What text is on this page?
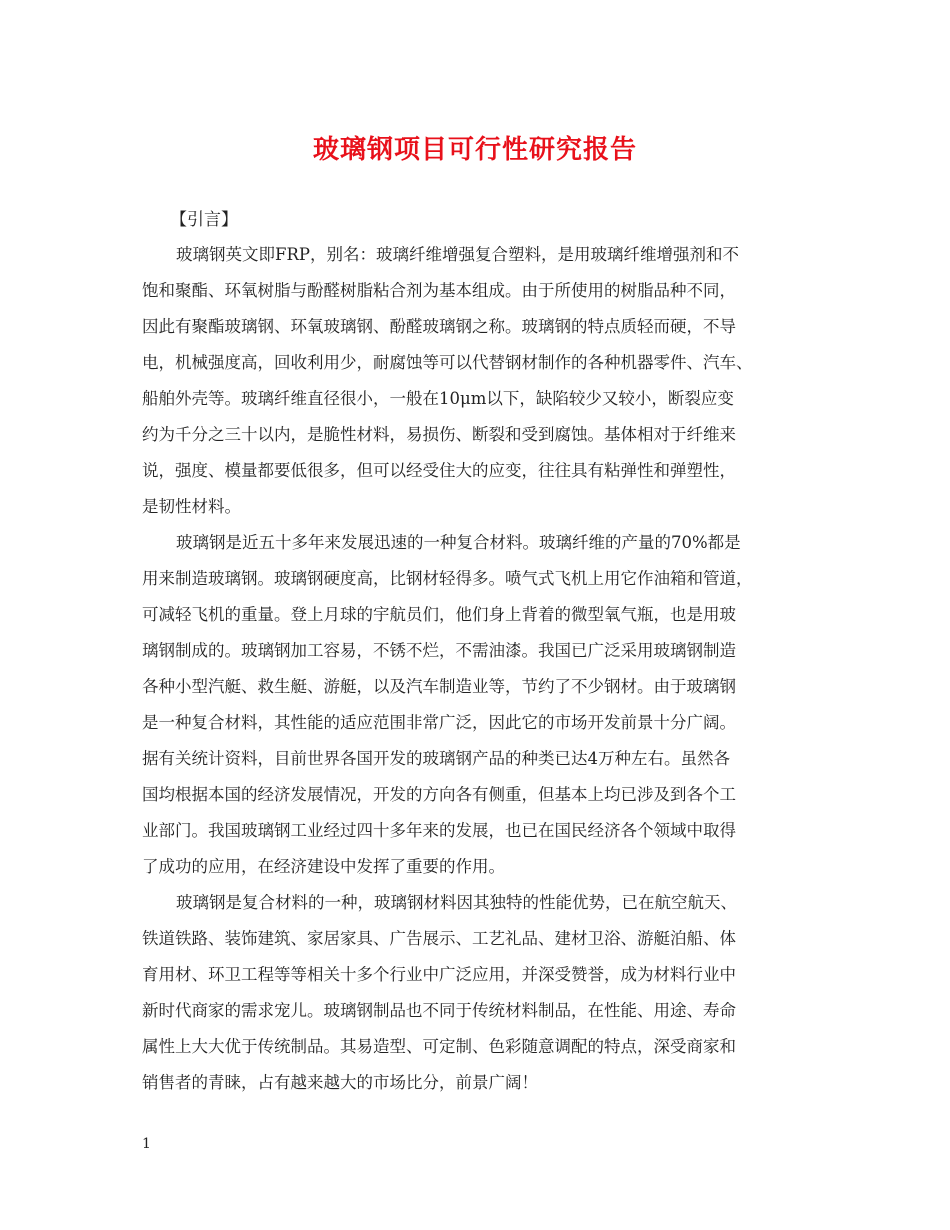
玻璃钢项目可行性研究报告
【引言】
玻璃钢英文即FRP，别名：玻璃纤维增强复合塑料，是用玻璃纤维增强剂和不
饱和聚酯、环氧树脂与酚醛树脂粘合剂为基本组成。由于所使用的树脂品种不同，
因此有聚酯玻璃钢、环氧玻璃钢、酚醛玻璃钢之称。玻璃钢的特点质轻而硬，不导
电，机械强度高，回收利用少，耐腐蚀等可以代替钢材制作的各种机器零件、汽车、
船舶外壳等。玻璃纤维直径很小，一般在10μm以下，缺陷较少又较小，断裂应变
约为千分之三十以内，是脆性材料，易损伤、断裂和受到腐蚀。基体相对于纤维来
说，强度、模量都要低很多，但可以经受住大的应变，往往具有粘弹性和弹塑性，
是韧性材料。
玻璃钢是近五十多年来发展迅速的一种复合材料。玻璃纤维的产量的70%都是
用来制造玻璃钢。玻璃钢硬度高，比钢材轻得多。喷气式飞机上用它作油箱和管道，
可减轻飞机的重量。登上月球的宇航员们，他们身上背着的微型氧气瓶，也是用玻
璃钢制成的。玻璃钢加工容易，不锈不烂，不需油漆。我国已广泛采用玻璃钢制造
各种小型汽艇、救生艇、游艇，以及汽车制造业等，节约了不少钢材。由于玻璃钢
是一种复合材料，其性能的适应范围非常广泛，因此它的市场开发前景十分广阔。
据有关统计资料，目前世界各国开发的玻璃钢产品的种类已达4万种左右。虽然各
国均根据本国的经济发展情况，开发的方向各有侧重，但基本上均已涉及到各个工
业部门。我国玻璃钢工业经过四十多年来的发展，也已在国民经济各个领域中取得
了成功的应用，在经济建设中发挥了重要的作用。
玻璃钢是复合材料的一种，玻璃钢材料因其独特的性能优势，已在航空航天、
铁道铁路、装饰建筑、家居家具、广告展示、工艺礼品、建材卫浴、游艇泊船、体
育用材、环卫工程等等相关十多个行业中广泛应用，并深受赞誉，成为材料行业中
新时代商家的需求宠儿。玻璃钢制品也不同于传统材料制品，在性能、用途、寿命
属性上大大优于传统制品。其易造型、可定制、色彩随意调配的特点，深受商家和
销售者的青睐，占有越来越大的市场比分，前景广阔！
1
